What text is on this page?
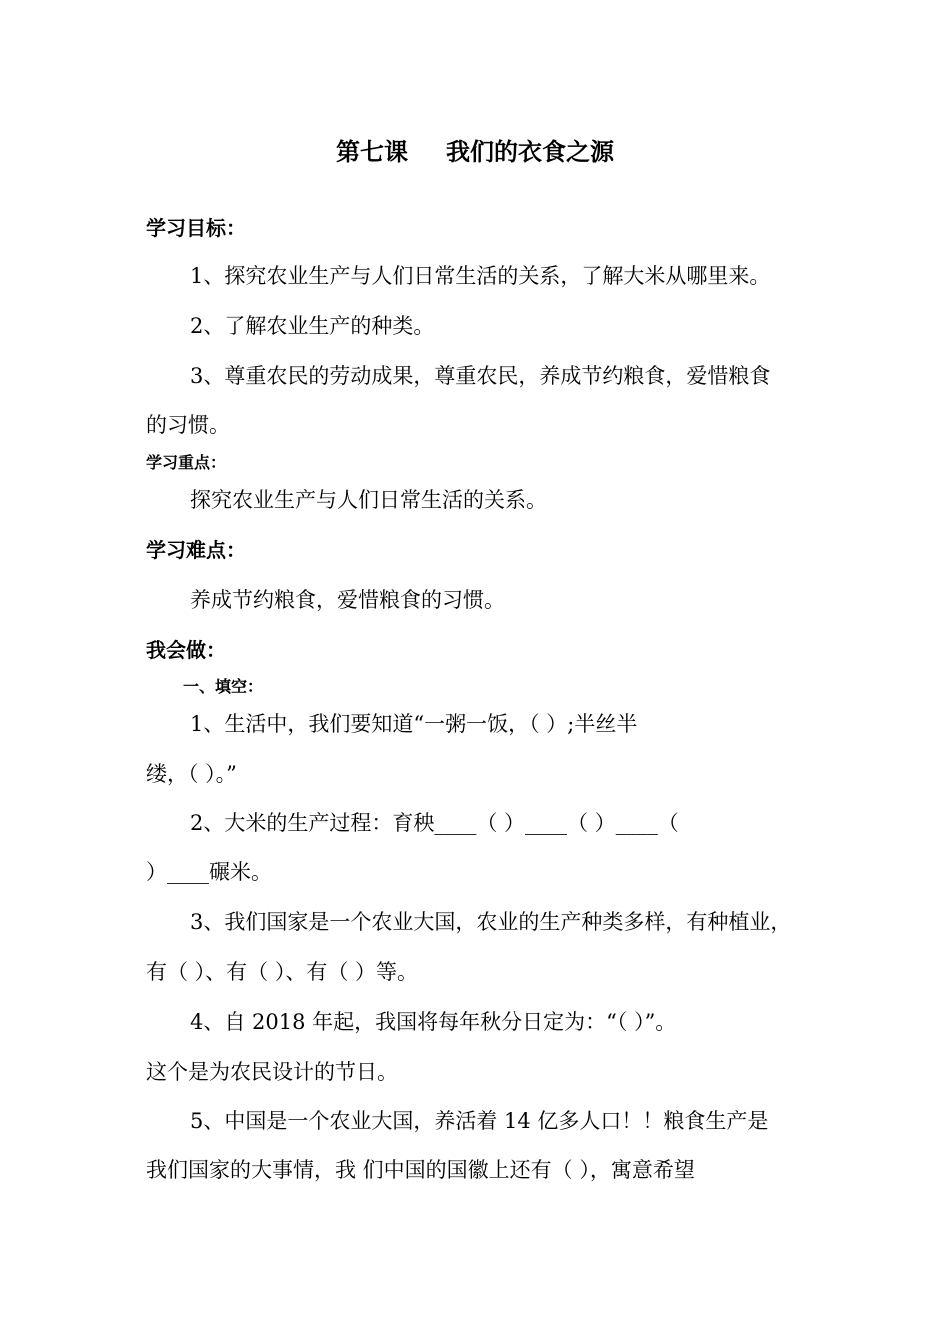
第七课 我们的衣食之源
学习目标：
1、探究农业生产与人们日常生活的关系，了解大米从哪里来。
2、了解农业生产的种类。
3、尊重农民的劳动成果，尊重农民，养成节约粮食，爱惜粮食
的习惯。
学习重点：
探究农业生产与人们日常生活的关系。
学习难点：
养成节约粮食，爱惜粮食的习惯。
我会做：
一、填空：
1、生活中，我们要知道“一粥一饭，（ ）;半丝半
缕，（ ）。”
2、大米的生产过程：育秧____（ ）____（ ）____（
）____碾米。
3、我们国家是一个农业大国，农业的生产种类多样，有种植业，
有（ ）、有（ ）、有（ ）等。
4、自 2018 年起，我国将每年秋分日定为：“（ ）”。
这个是为农民设计的节日。
5、中国是一个农业大国，养活着 14 亿多人口！！粮食生产是
我们国家的大事情，我 们中国的国徽上还有（ ），寓意希望
